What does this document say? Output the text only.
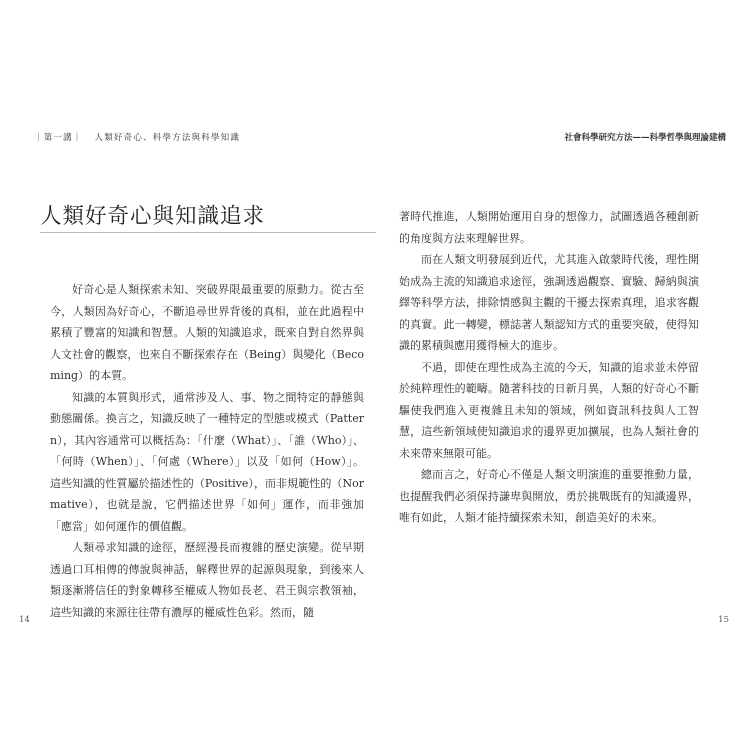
｜第一講｜ 人類好奇心、科學方法與科學知識
人類好奇心與知識追求

好奇心是人類探索未知、突破界限最重要的原動力。從古至今，人類因為好奇心，不斷追尋世界背後的真相，並在此過程中累積了豐富的知識和智慧。人類的知識追求，既來自對自然界與人文社會的觀察，也來自不斷探索存在（Being）與變化（Becoming）的本質。

知識的本質與形式，通常涉及人、事、物之間特定的靜態與動態關係。換言之，知識反映了一種特定的型態或模式（Pattern），其內容通常可以概括為：「什麼（What）」、「誰（Who）」、「何時（When）」、「何處（Where）」以及「如何（How）」。這些知識的性質屬於描述性的（Positive），而非規範性的（Normative），也就是說，它們描述世界「如何」運作，而非強加「應當」如何運作的價值觀。

人類尋求知識的途徑，歷經漫長而複雜的歷史演變。從早期透過口耳相傳的傳說與神話，解釋世界的起源與現象，到後來人類逐漸將信任的對象轉移至權威人物如長老、君王與宗教領袖，這些知識的來源往往帶有濃厚的權威性色彩。然而，隨

14
社會科學研究方法——科學哲學與理論建構

著時代推進，人類開始運用自身的想像力，試圖透過各種創新的角度與方法來理解世界。

而在人類文明發展到近代，尤其進入啟蒙時代後，理性開始成為主流的知識追求途徑，強調透過觀察、實驗、歸納與演繹等科學方法，排除情感與主觀的干擾去探索真理，追求客觀的真實。此一轉變，標誌著人類認知方式的重要突破，使得知識的累積與應用獲得極大的進步。

不過，即使在理性成為主流的今天，知識的追求並未停留於純粹理性的範疇。隨著科技的日新月異，人類的好奇心不斷驅使我們進入更複雜且未知的領域，例如資訊科技與人工智慧，這些新領域使知識追求的邊界更加擴展，也為人類社會的未來帶來無限可能。

總而言之，好奇心不僅是人類文明演進的重要推動力量，也提醒我們必須保持謙卑與開放，勇於挑戰既有的知識邊界，唯有如此，人類才能持續探索未知，創造美好的未來。

15
